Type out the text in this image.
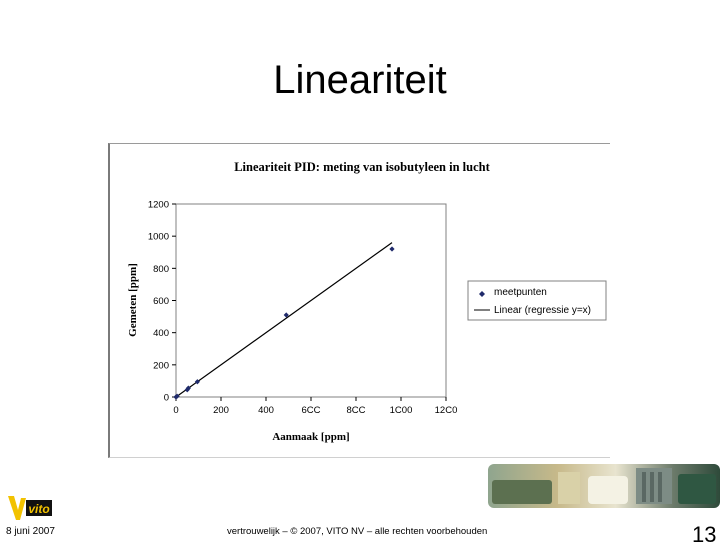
Lineariteit
Lineariteit PID: meting van isobutyleen in lucht
0
200
400
600
800
1000
1200
0	200	400	6CC	8CC	1C00 12C0
Aanmaak [ppm]
Gemeten [ppm]	meetpunten
Linear (regressie y=x)
vito
8 juni 2007	vertrouwelijk – © 2007, VITO NV – alle rechten voorbehouden	13
